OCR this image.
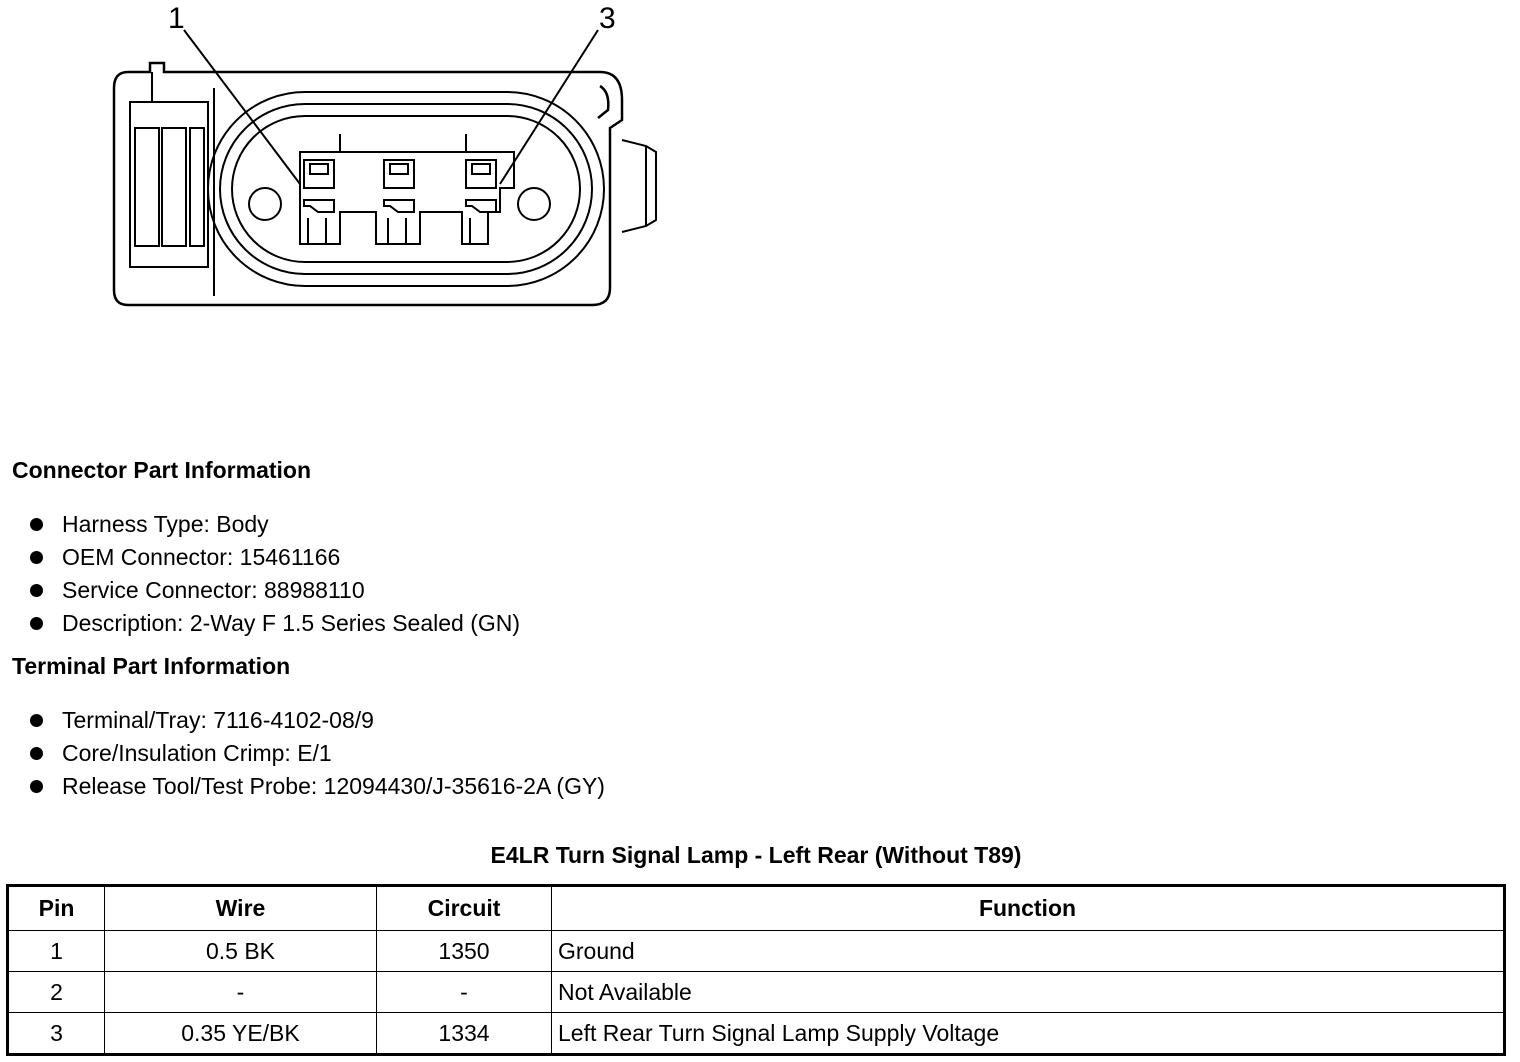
1	3
Connector Part Information
Harness Type: Body
OEM Connector: 15461166
Service Connector: 88988110
Description: 2-Way F 1.5 Series Sealed (GN)
Terminal Part Information
Terminal/Tray: 7116-4102-08/9
Core/Insulation Crimp: E/1
Release Tool/Test Probe: 12094430/J-35616-2A (GY)
E4LR Turn Signal Lamp - Left Rear (Without T89)
Pin	Wire	Circuit	Function
1	0.5 BK	1350	Ground
2	-	-	Not Available
3	0.35 YE/BK	1334	Left Rear Turn Signal Lamp Supply Voltage
